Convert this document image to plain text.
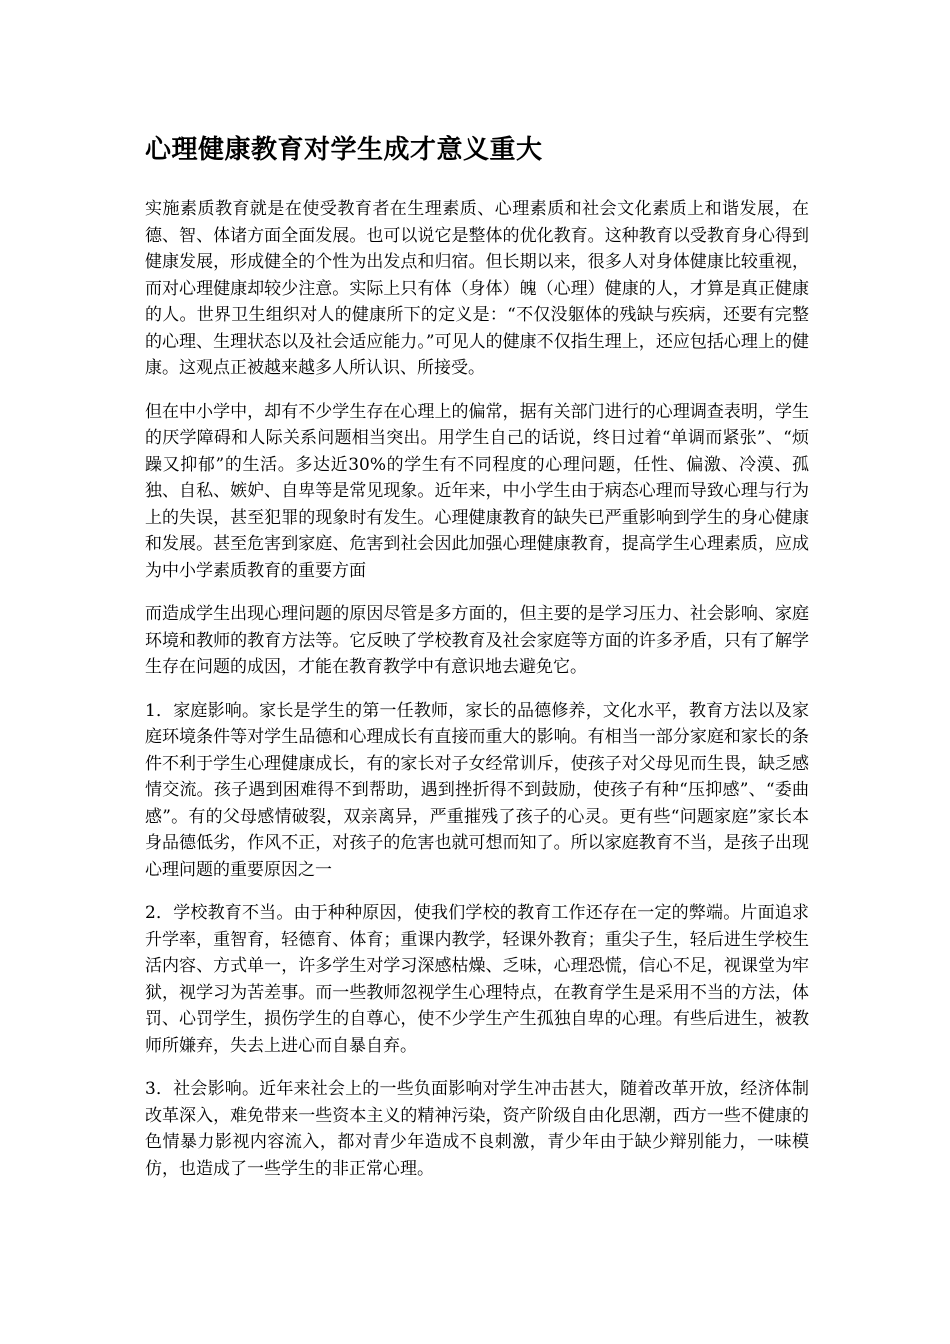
心理健康教育对学生成才意义重大

实施素质教育就是在使受教育者在生理素质、心理素质和社会文化素质上和谐发展，在德、智、体诸方面全面发展。也可以说它是整体的优化教育。这种教育以受教育身心得到健康发展，形成健全的个性为出发点和归宿。但长期以来，很多人对身体健康比较重视，而对心理健康却较少注意。实际上只有体（身体）魄（心理）健康的人，才算是真正健康的人。世界卫生组织对人的健康所下的定义是：“不仅没躯体的残缺与疾病，还要有完整的心理、生理状态以及社会适应能力。”可见人的健康不仅指生理上，还应包括心理上的健康。这观点正被越来越多人所认识、所接受。

但在中小学中，却有不少学生存在心理上的偏常，据有关部门进行的心理调查表明，学生的厌学障碍和人际关系问题相当突出。用学生自己的话说，终日过着“单调而紧张”、“烦躁又抑郁”的生活。多达近30%的学生有不同程度的心理问题，任性、偏激、冷漠、孤独、自私、嫉妒、自卑等是常见现象。近年来，中小学生由于病态心理而导致心理与行为上的失误，甚至犯罪的现象时有发生。心理健康教育的缺失已严重影响到学生的身心健康和发展。甚至危害到家庭、危害到社会因此加强心理健康教育，提高学生心理素质，应成为中小学素质教育的重要方面

而造成学生出现心理问题的原因尽管是多方面的，但主要的是学习压力、社会影响、家庭环境和教师的教育方法等。它反映了学校教育及社会家庭等方面的许多矛盾，只有了解学生存在问题的成因，才能在教育教学中有意识地去避免它。

1．家庭影响。家长是学生的第一任教师，家长的品德修养，文化水平，教育方法以及家庭环境条件等对学生品德和心理成长有直接而重大的影响。有相当一部分家庭和家长的条件不利于学生心理健康成长，有的家长对子女经常训斥，使孩子对父母见而生畏，缺乏感情交流。孩子遇到困难得不到帮助，遇到挫折得不到鼓励，使孩子有种“压抑感”、“委曲感”。有的父母感情破裂，双亲离异，严重摧残了孩子的心灵。更有些“问题家庭”家长本身品德低劣，作风不正，对孩子的危害也就可想而知了。所以家庭教育不当，是孩子出现心理问题的重要原因之一

2．学校教育不当。由于种种原因，使我们学校的教育工作还存在一定的弊端。片面追求升学率，重智育，轻德育、体育；重课内教学，轻课外教育；重尖子生，轻后进生学校生活内容、方式单一，许多学生对学习深感枯燥、乏味，心理恐慌，信心不足，视课堂为牢狱，视学习为苦差事。而一些教师忽视学生心理特点，在教育学生是采用不当的方法，体罚、心罚学生，损伤学生的自尊心，使不少学生产生孤独自卑的心理。有些后进生，被教师所嫌弃，失去上进心而自暴自弃。

3．社会影响。近年来社会上的一些负面影响对学生冲击甚大，随着改革开放，经济体制改革深入，难免带来一些资本主义的精神污染，资产阶级自由化思潮，西方一些不健康的色情暴力影视内容流入，都对青少年造成不良刺激，青少年由于缺少辩别能力，一味模仿，也造成了一些学生的非正常心理。
